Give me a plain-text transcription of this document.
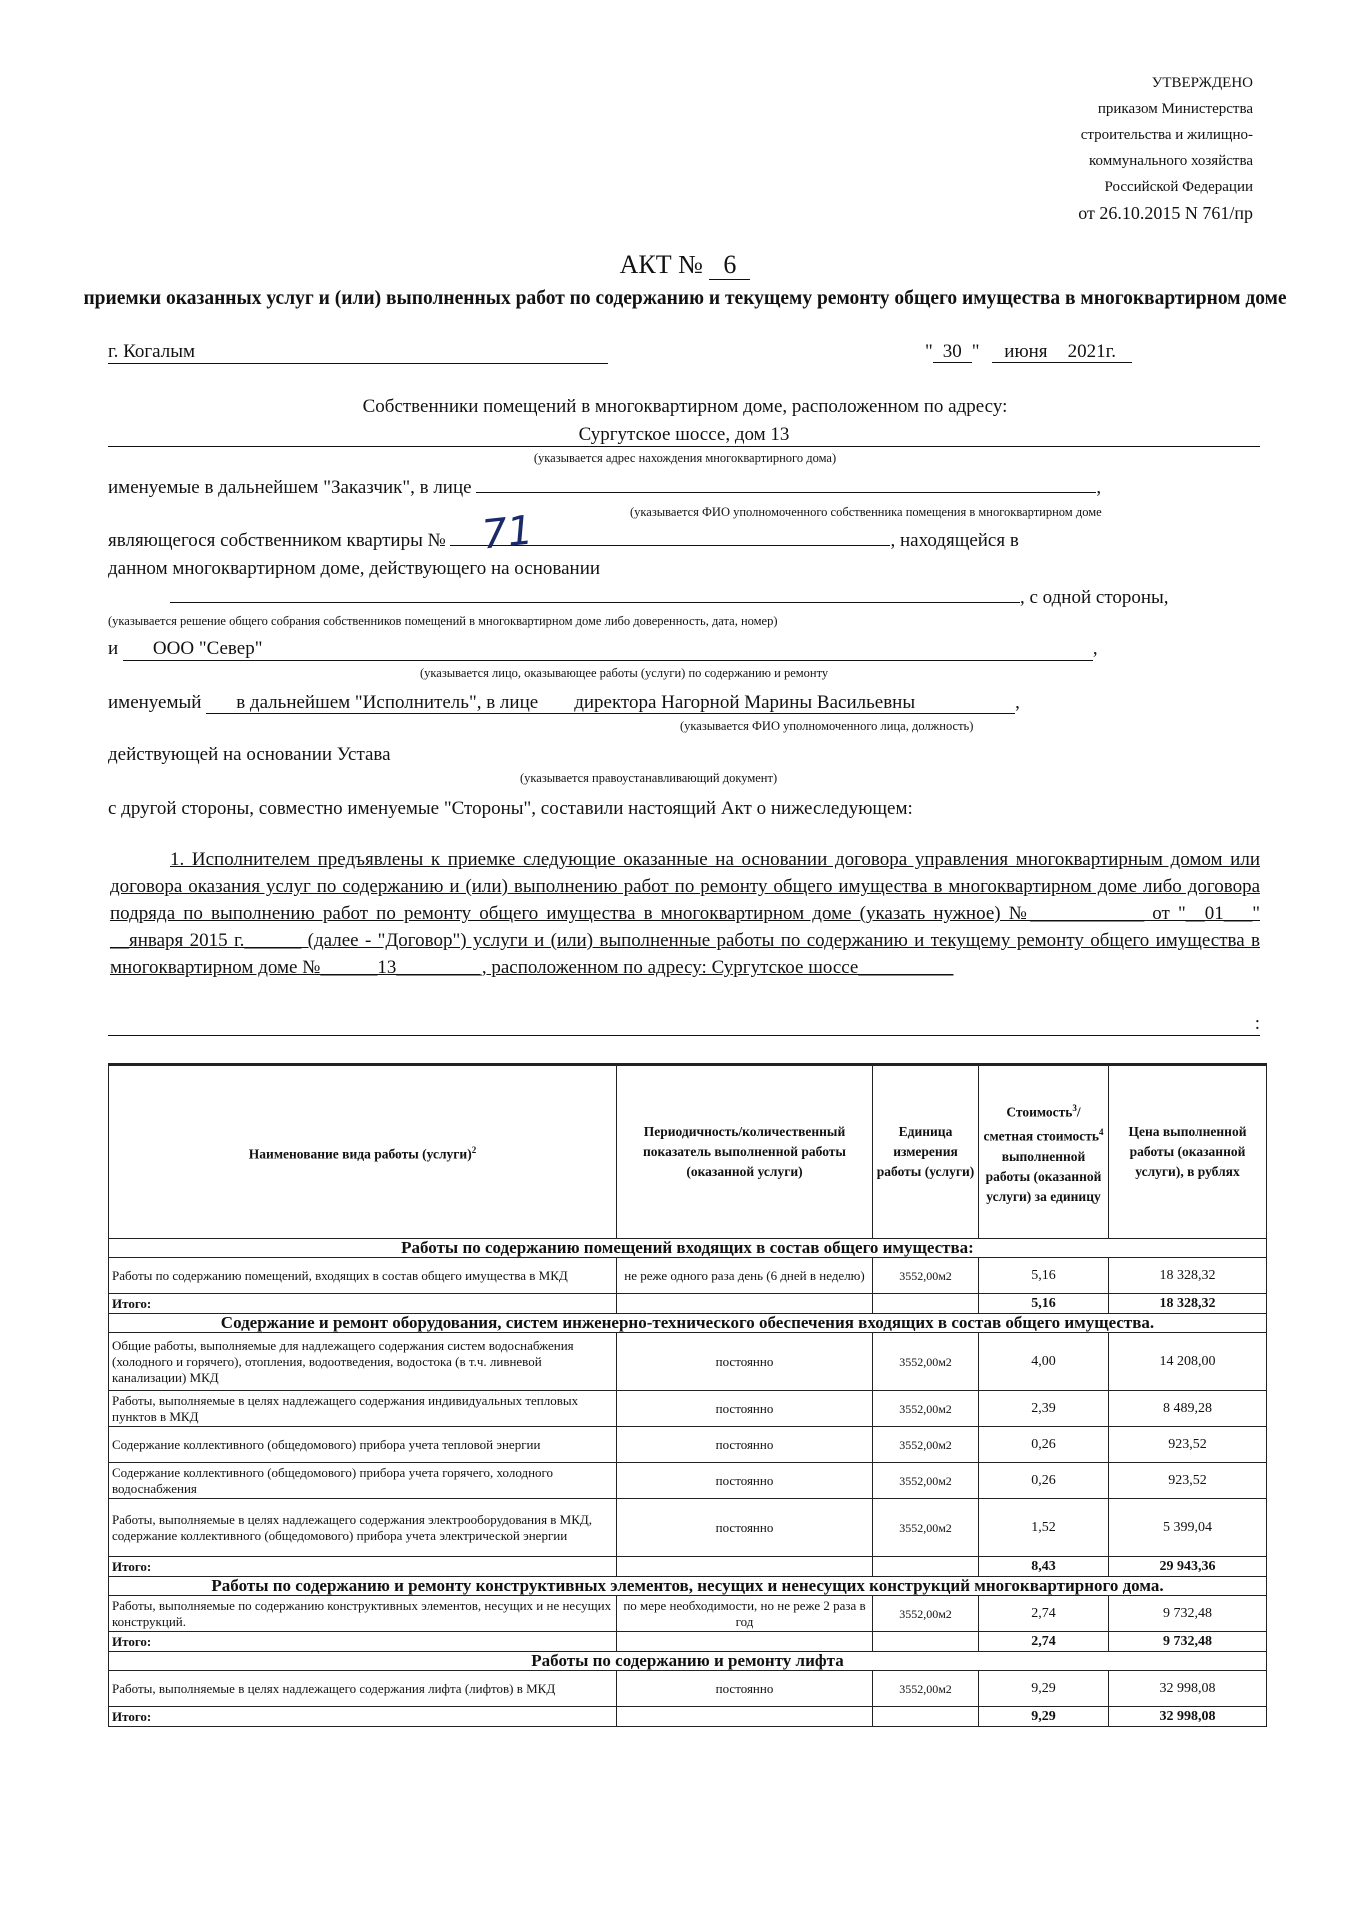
УТВЕРЖДЕНО
приказом Министерства
строительства и жилищно-
коммунального хозяйства
Российской Федерации
от 26.10.2015 N 761/пр
АКТ № 6
приемки оказанных услуг и (или) выполненных работ по содержанию и текущему ремонту общего имущества в многоквартирном доме
г. Когалым	" 30 " июня 2021г.
Собственники помещений в многоквартирном доме, расположенном по адресу:
Сургутское шоссе, дом 13
(указывается адрес нахождения многоквартирного дома)
именуемые в дальнейшем "Заказчик", в лице	,
(указывается ФИО уполномоченного собственника помещения в многоквартирном доме
являющегося собственником квартиры №	, находящейся в
71
данном многоквартирном доме, действующего на основании
, с одной стороны,
(указывается решение общего собрания собственников помещений в многоквартирном доме либо доверенность, дата, номер)
и ООО "Север"	,
(указывается лицо, оказывающее работы (услуги) по содержанию и ремонту
именуемый в дальнейшем "Исполнитель", в лице директора Нагорной Марины Васильевны	,
(указывается ФИО уполномоченного лица, должность)
действующей на основании Устава
(указывается правоустанавливающий документ)
с другой стороны, совместно именуемые "Стороны", составили настоящий Акт о нижеследующем:
1. Исполнителем предъявлены к приемке следующие оказанные на основании договора управления многоквартирным домом или договора оказания услуг по содержанию и (или) выполнению работ по ремонту общего имущества в многоквартирном доме либо договора подряда по выполнению работ по ремонту общего имущества в многоквартирном доме (указать нужное) №____________ от "__01___" __января 2015 г.______ (далее - "Договор") услуги и (или) выполненные работы по содержанию и текущему ремонту общего имущества в многоквартирном доме №______13_________, расположенном по адресу: Сургутское шоссе__________
:
Наименование вида работы (услуги)$^2$	Периодичность/количественный показатель выполненной работы (оказанной услуги)	Единица измерения работы (услуги)	Стоимость$^3$/сметная стоимость$^4$ выполненной работы (оказанной услуги) за единицу	Цена выполненной работы (оказанной услуги), в рублях
Работы по содержанию помещений входящих в состав общего имущества:				
Работы по содержанию помещений, входящих в состав общего имущества в МКД	не реже одного раза день (6 дней в неделю)	3552,00м2	5,16	18 328,32
Итого:			5,16	18 328,32
Содержание и ремонт оборудования, систем инженерно-технического обеспечения входящих в состав общего имущества.				
Общие работы, выполняемые для надлежащего содержания систем водоснабжения (холодного и горячего), отопления, водоотведения, водостока (в т.ч. ливневой канализации) МКД	постоянно	3552,00м2	4,00	14 208,00
Работы, выполняемые в целях надлежащего содержания индивидуальных тепловых пунктов в МКД	постоянно	3552,00м2	2,39	8 489,28
Содержание коллективного (общедомового) прибора учета тепловой энергии	постоянно	3552,00м2	0,26	923,52
Содержание коллективного (общедомового) прибора учета горячего, холодного водоснабжения	постоянно	3552,00м2	0,26	923,52
Работы, выполняемые в целях надлежащего содержания электрооборудования в МКД, содержание коллективного (общедомового) прибора учета электрической энергии	постоянно	3552,00м2	1,52	5 399,04
Итого:			8,43	29 943,36
Работы по содержанию и ремонту конструктивных элементов, несущих и ненесущих конструкций многоквартирного дома.				
Работы, выполняемые по содержанию конструктивных элементов, несущих и не несущих конструкций.	по мере необходимости, но не реже 2 раза в год	3552,00м2	2,74	9 732,48
Итого:			2,74	9 732,48
Работы по содержанию и ремонту лифта				
Работы, выполняемые в целях надлежащего содержания лифта (лифтов) в МКД	постоянно	3552,00м2	9,29	32 998,08
Итого:			9,29	32 998,08
